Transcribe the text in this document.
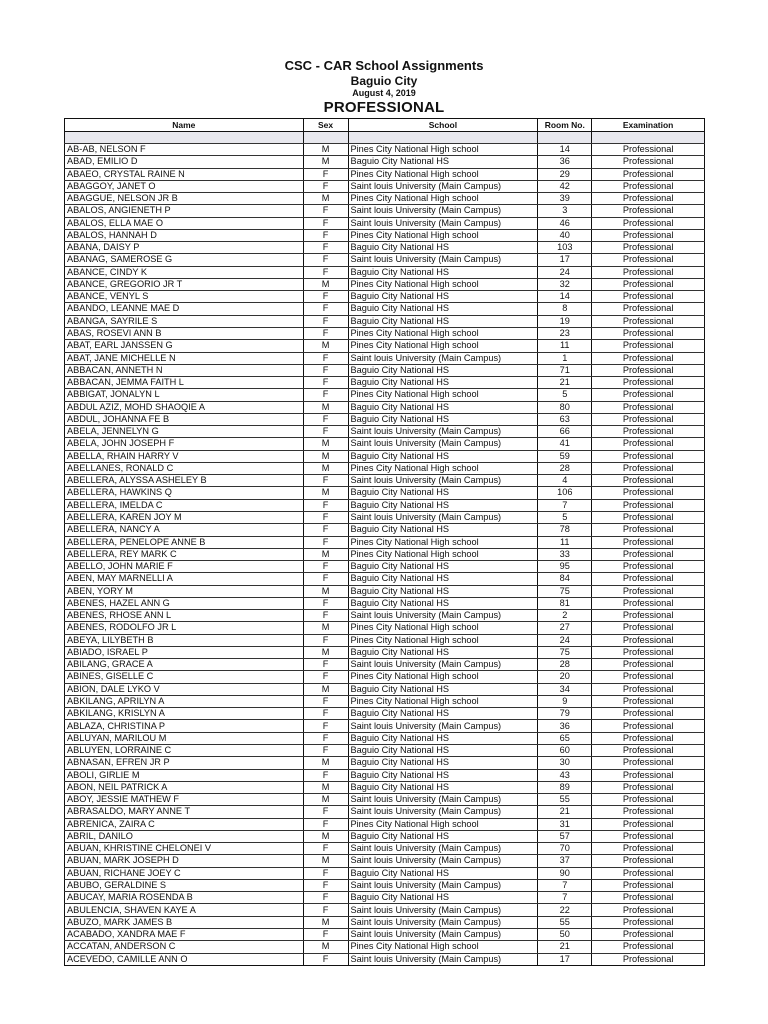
CSC - CAR School Assignments
Baguio City
August 4, 2019
PROFESSIONAL
Name	Sex	School	Room No.	Examination

AB-AB, NELSON F	M	Pines City National High school	14	Professional
ABAD, EMILIO D	M	Baguio City National HS	36	Professional
ABAEO, CRYSTAL RAINE N	F	Pines City National High school	29	Professional
ABAGGOY, JANET O	F	Saint louis University (Main Campus)	42	Professional
ABAGGUE, NELSON JR B	M	Pines City National High school	39	Professional
ABALOS, ANGIENETH P	F	Saint louis University (Main Campus)	3	Professional
ABALOS, ELLA MAE O	F	Saint louis University (Main Campus)	46	Professional
ABALOS, HANNAH D	F	Pines City National High school	40	Professional
ABANA, DAISY P	F	Baguio City National HS	103	Professional
ABANAG, SAMEROSE G	F	Saint louis University (Main Campus)	17	Professional
ABANCE, CINDY K	F	Baguio City National HS	24	Professional
ABANCE, GREGORIO JR T	M	Pines City National High school	32	Professional
ABANCE, VENYL S	F	Baguio City National HS	14	Professional
ABANDO, LEANNE MAE D	F	Baguio City National HS	8	Professional
ABANGA, SAYRILE S	F	Baguio City National HS	19	Professional
ABAS, ROSEVI ANN B	F	Pines City National High school	23	Professional
ABAT, EARL JANSSEN G	M	Pines City National High school	11	Professional
ABAT, JANE MICHELLE N	F	Saint louis University (Main Campus)	1	Professional
ABBACAN, ANNETH N	F	Baguio City National HS	71	Professional
ABBACAN, JEMMA FAITH L	F	Baguio City National HS	21	Professional
ABBIGAT, JONALYN L	F	Pines City National High school	5	Professional
ABDUL AZIZ, MOHD SHAOQIE A	M	Baguio City National HS	80	Professional
ABDUL, JOHANNA FE B	F	Baguio City National HS	63	Professional
ABELA, JENNELYN G	F	Saint louis University (Main Campus)	66	Professional
ABELA, JOHN JOSEPH F	M	Saint louis University (Main Campus)	41	Professional
ABELLA, RHAIN HARRY V	M	Baguio City National HS	59	Professional
ABELLANES, RONALD C	M	Pines City National High school	28	Professional
ABELLERA, ALYSSA ASHELEY B	F	Saint louis University (Main Campus)	4	Professional
ABELLERA, HAWKINS Q	M	Baguio City National HS	106	Professional
ABELLERA, IMELDA C	F	Baguio City National HS	7	Professional
ABELLERA, KAREN JOY M	F	Saint louis University (Main Campus)	5	Professional
ABELLERA, NANCY A	F	Baguio City National HS	78	Professional
ABELLERA, PENELOPE ANNE B	F	Pines City National High school	11	Professional
ABELLERA, REY MARK C	M	Pines City National High school	33	Professional
ABELLO, JOHN MARIE F	F	Baguio City National HS	95	Professional
ABEN, MAY MARNELLI A	F	Baguio City National HS	84	Professional
ABEN, YORY M	M	Baguio City National HS	75	Professional
ABENES, HAZEL ANN G	F	Baguio City National HS	81	Professional
ABENES, RHOSE ANN L	F	Saint louis University (Main Campus)	2	Professional
ABENES, RODOLFO JR L	M	Pines City National High school	27	Professional
ABEYA, LILYBETH B	F	Pines City National High school	24	Professional
ABIADO, ISRAEL P	M	Baguio City National HS	75	Professional
ABILANG, GRACE A	F	Saint louis University (Main Campus)	28	Professional
ABINES, GISELLE C	F	Pines City National High school	20	Professional
ABION, DALE LYKO V	M	Baguio City National HS	34	Professional
ABKILANG, APRILYN A	F	Pines City National High school	9	Professional
ABKILANG, KRISLYN A	F	Baguio City National HS	79	Professional
ABLAZA, CHRISTINA P	F	Saint louis University (Main Campus)	36	Professional
ABLUYAN, MARILOU M	F	Baguio City National HS	65	Professional
ABLUYEN, LORRAINE C	F	Baguio City National HS	60	Professional
ABNASAN, EFREN JR P	M	Baguio City National HS	30	Professional
ABOLI, GIRLIE M	F	Baguio City National HS	43	Professional
ABON, NEIL PATRICK A	M	Baguio City National HS	89	Professional
ABOY, JESSIE MATHEW F	M	Saint louis University (Main Campus)	55	Professional
ABRASALDO, MARY ANNE T	F	Saint louis University (Main Campus)	21	Professional
ABRENICA, ZAIRA C	F	Pines City National High school	31	Professional
ABRIL, DANILO	M	Baguio City National HS	57	Professional
ABUAN, KHRISTINE CHELONEI V	F	Saint louis University (Main Campus)	70	Professional
ABUAN, MARK JOSEPH D	M	Saint louis University (Main Campus)	37	Professional
ABUAN, RICHANE JOEY C	F	Baguio City National HS	90	Professional
ABUBO, GERALDINE S	F	Saint louis University (Main Campus)	7	Professional
ABUCAY, MARIA ROSENDA B	F	Baguio City National HS	7	Professional
ABULENCIA, SHAVEN KAYE A	F	Saint louis University (Main Campus)	22	Professional
ABUZO, MARK JAMES B	M	Saint louis University (Main Campus)	55	Professional
ACABADO, XANDRA MAE F	F	Saint louis University (Main Campus)	50	Professional
ACCATAN, ANDERSON C	M	Pines City National High school	21	Professional
ACEVEDO, CAMILLE ANN O	F	Saint louis University (Main Campus)	17	Professional
